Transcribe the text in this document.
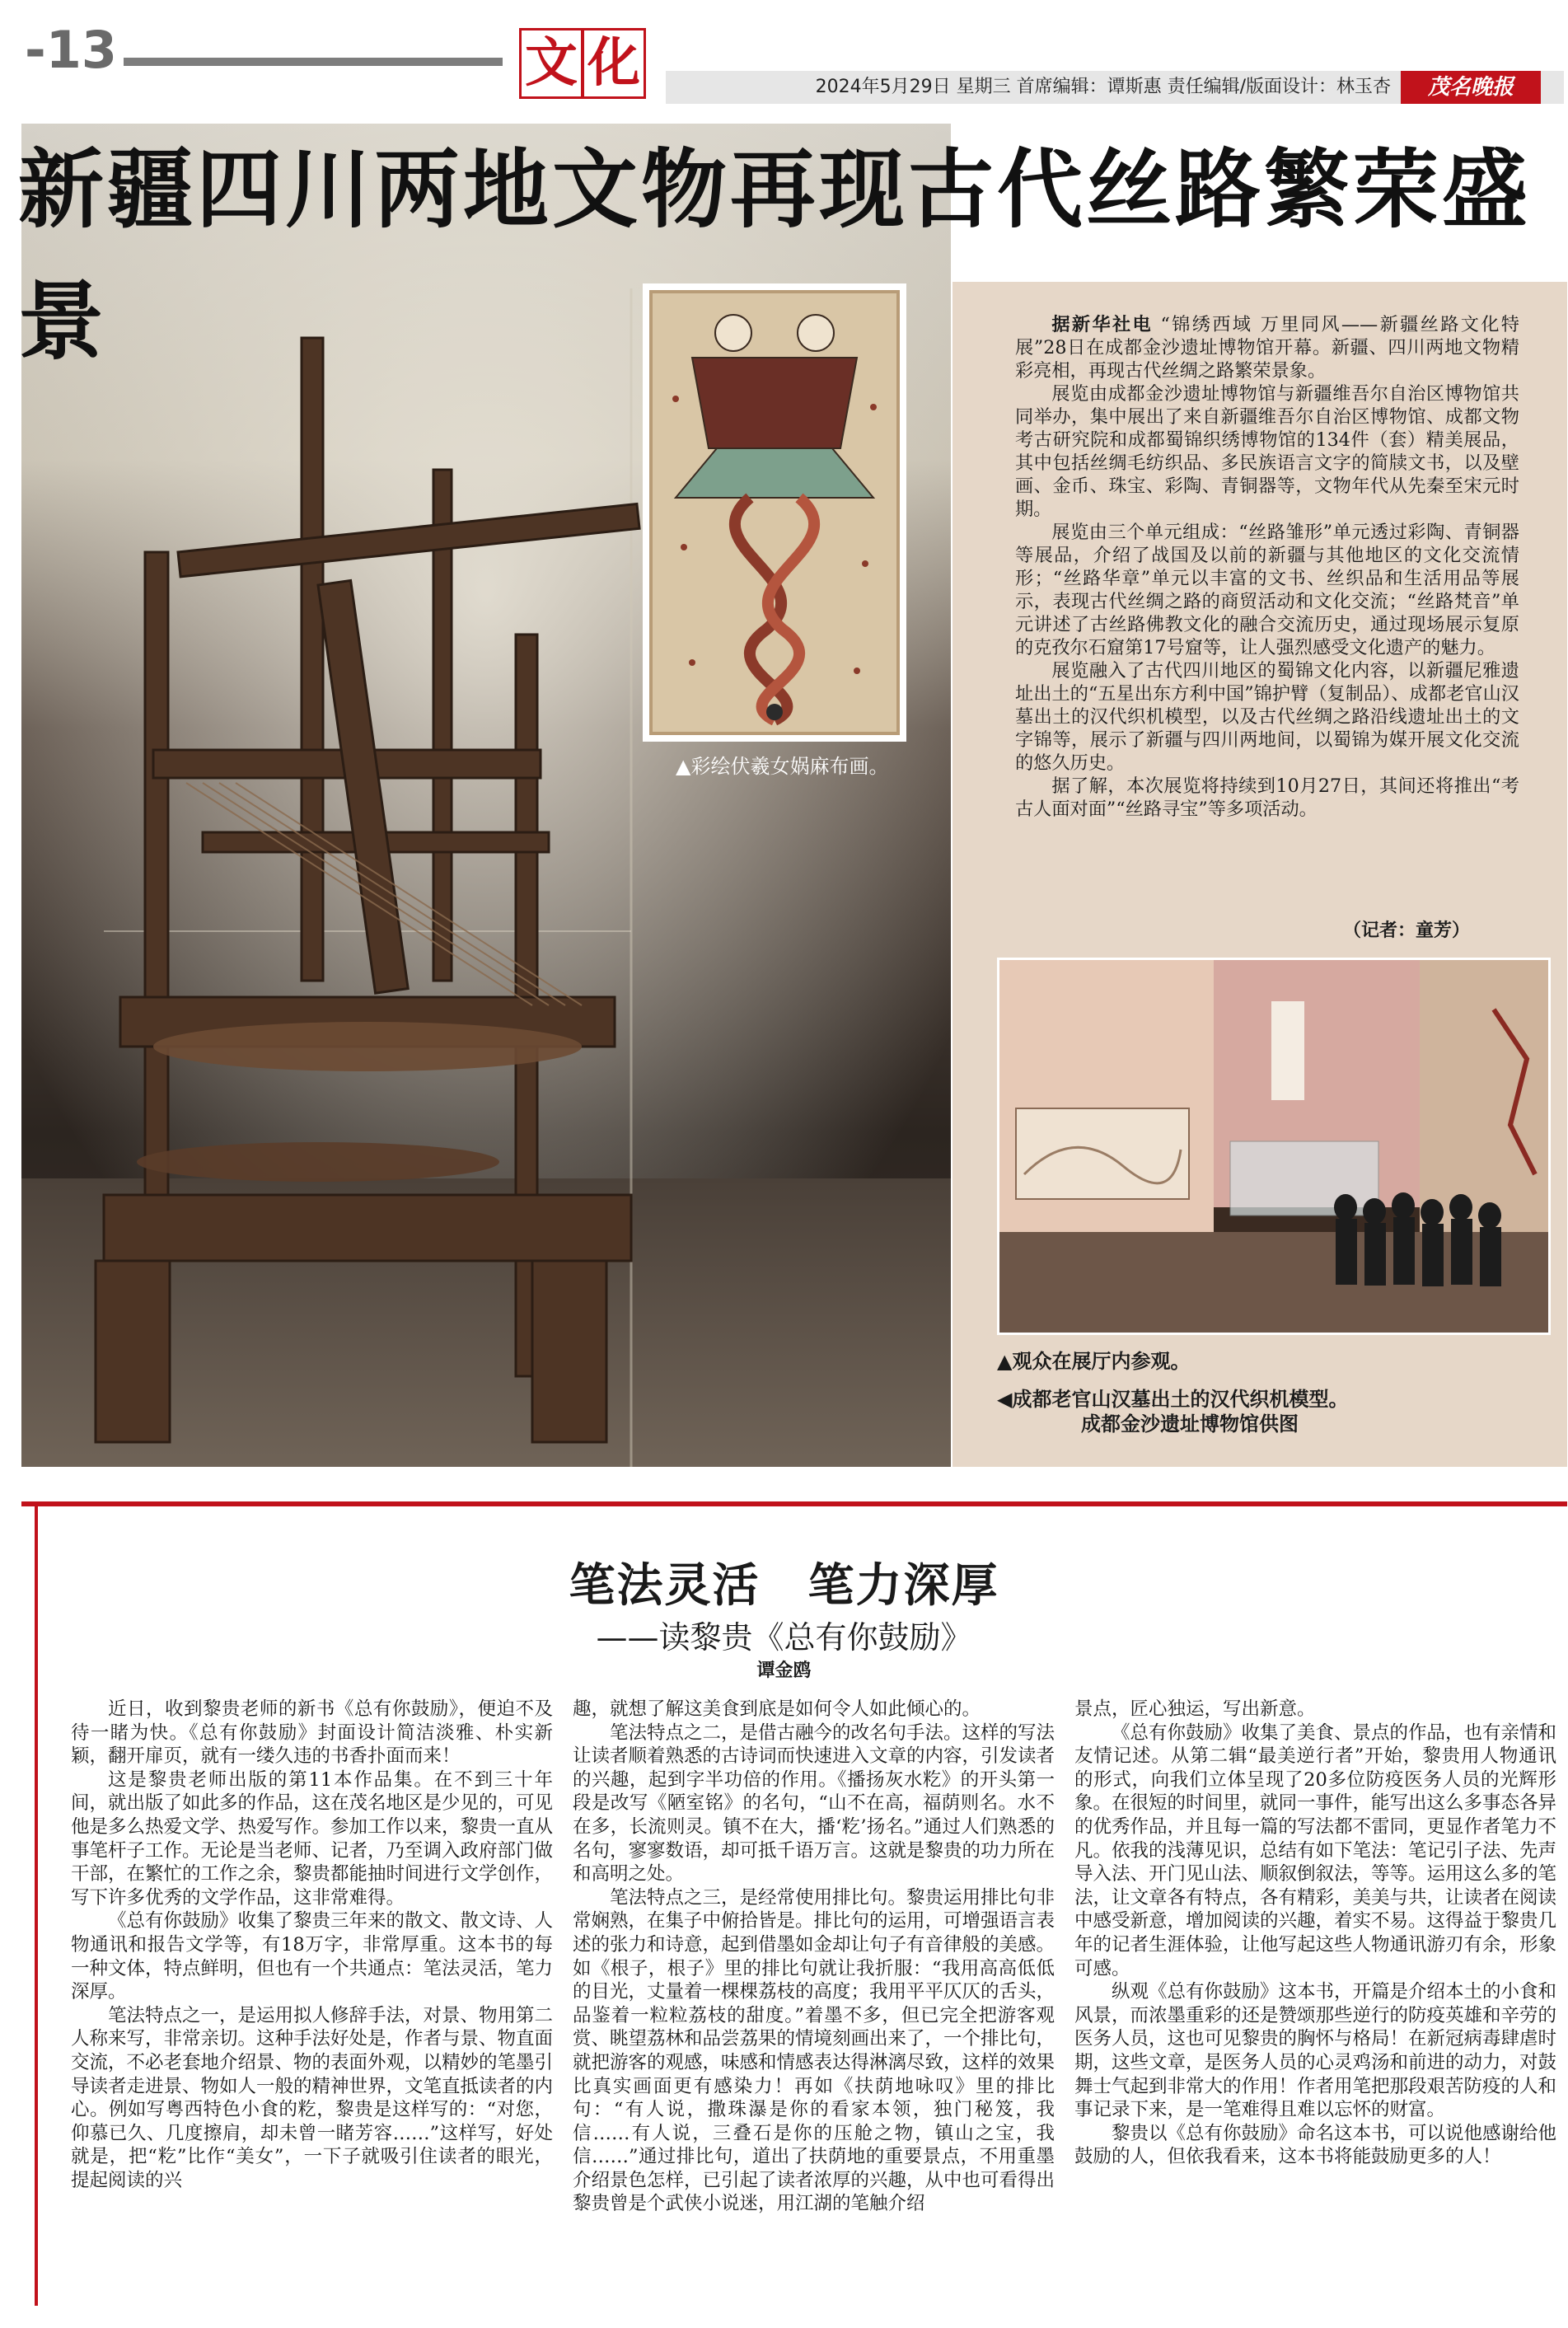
-13	文 化	2024年5月29日 星期三 首席编辑：谭斯惠 责任编辑/版面设计：林玉杏	茂名晚报
新疆四川两地文物再现古代丝路繁荣盛景
▲彩绘伏羲女娲麻布画。

据新华社电 “锦绣西域 万里同风——新疆丝路文化特展”28日在成都金沙遗址博物馆开幕。新疆、四川两地文物精彩亮相，再现古代丝绸之路繁荣景象。

展览由成都金沙遗址博物馆与新疆维吾尔自治区博物馆共同举办，集中展出了来自新疆维吾尔自治区博物馆、成都文物考古研究院和成都蜀锦织绣博物馆的134件（套）精美展品，其中包括丝绸毛纺织品、多民族语言文字的简牍文书，以及壁画、金币、珠宝、彩陶、青铜器等，文物年代从先秦至宋元时期。

展览由三个单元组成：“丝路雏形”单元透过彩陶、青铜器等展品，介绍了战国及以前的新疆与其他地区的文化交流情形；“丝路华章”单元以丰富的文书、丝织品和生活用品等展示，表现古代丝绸之路的商贸活动和文化交流；“丝路梵音”单元讲述了古丝路佛教文化的融合交流历史，通过现场展示复原的克孜尔石窟第17号窟等，让人强烈感受文化遗产的魅力。

展览融入了古代四川地区的蜀锦文化内容，以新疆尼雅遗址出土的“五星出东方利中国”锦护臂（复制品）、成都老官山汉墓出土的汉代织机模型，以及古代丝绸之路沿线遗址出土的文字锦等，展示了新疆与四川两地间，以蜀锦为媒开展文化交流的悠久历史。

据了解，本次展览将持续到10月27日，其间还将推出“考古人面对面”“丝路寻宝”等多项活动。

（记者：童芳）
▲观众在展厅内参观。
◀成都老官山汉墓出土的汉代织机模型。
成都金沙遗址博物馆供图
笔法灵活　笔力深厚
——读黎贵《总有你鼓励》
谭金鸥

近日，收到黎贵老师的新书《总有你鼓励》，便迫不及待一睹为快。《总有你鼓励》封面设计简洁淡雅、朴实新颖，翻开扉页，就有一缕久违的书香扑面而来！

这是黎贵老师出版的第11本作品集。在不到三十年间，就出版了如此多的作品，这在茂名地区是少见的，可见他是多么热爱文学、热爱写作。参加工作以来，黎贵一直从事笔杆子工作。无论是当老师、记者，乃至调入政府部门做干部，在繁忙的工作之余，黎贵都能抽时间进行文学创作，写下许多优秀的文学作品，这非常难得。

《总有你鼓励》收集了黎贵三年来的散文、散文诗、人物通讯和报告文学等，有18万字，非常厚重。这本书的每一种文体，特点鲜明，但也有一个共通点：笔法灵活，笔力深厚。

笔法特点之一，是运用拟人修辞手法，对景、物用第二人称来写，非常亲切。这种手法好处是，作者与景、物直面交流，不必老套地介绍景、物的表面外观，以精妙的笔墨引导读者走进景、物如人一般的精神世界，文笔直抵读者的内心。例如写粤西特色小食的籺，黎贵是这样写的：“对您，仰慕已久、几度擦肩，却未曾一睹芳容……”这样写，好处就是，把“籺”比作“美女”，一下子就吸引住读者的眼光，提起阅读的兴

趣，就想了解这美食到底是如何令人如此倾心的。

笔法特点之二，是借古融今的改名句手法。这样的写法让读者顺着熟悉的古诗词而快速进入文章的内容，引发读者的兴趣，起到字半功倍的作用。《播扬灰水籺》的开头第一段是改写《陋室铭》的名句，“山不在高，福荫则名。水不在多，长流则灵。镇不在大，播‘籺’扬名。”通过人们熟悉的名句，寥寥数语，却可抵千语万言。这就是黎贵的功力所在和高明之处。

笔法特点之三，是经常使用排比句。黎贵运用排比句非常娴熟，在集子中俯拾皆是。排比句的运用，可增强语言表述的张力和诗意，起到借墨如金却让句子有音律般的美感。如《根子，根子》里的排比句就让我折服：“我用高高低低的目光，丈量着一棵棵荔枝的高度；我用平平仄仄的舌头，品鉴着一粒粒荔枝的甜度。”着墨不多，但已完全把游客观赏、眺望荔林和品尝荔果的情境刻画出来了，一个排比句，就把游客的观感，味感和情感表达得淋漓尽致，这样的效果比真实画面更有感染力！再如《扶荫地咏叹》里的排比句：“有人说，撒珠瀑是你的看家本领，独门秘笈，我信……有人说，三叠石是你的压舱之物，镇山之宝，我信……”通过排比句，道出了扶荫地的重要景点，不用重墨介绍景色怎样，已引起了读者浓厚的兴趣，从中也可看得出黎贵曾是个武侠小说迷，用江湖的笔触介绍

景点，匠心独运，写出新意。

《总有你鼓励》收集了美食、景点的作品，也有亲情和友情记述。从第二辑“最美逆行者”开始，黎贵用人物通讯的形式，向我们立体呈现了20多位防疫医务人员的光辉形象。在很短的时间里，就同一事件，能写出这么多事态各异的优秀作品，并且每一篇的写法都不雷同，更显作者笔力不凡。依我的浅薄见识，总结有如下笔法：笔记引子法、先声导入法、开门见山法、顺叙倒叙法，等等。运用这么多的笔法，让文章各有特点，各有精彩，美美与共，让读者在阅读中感受新意，增加阅读的兴趣，着实不易。这得益于黎贵几年的记者生涯体验，让他写起这些人物通讯游刃有余，形象可感。

纵观《总有你鼓励》这本书，开篇是介绍本土的小食和风景，而浓墨重彩的还是赞颂那些逆行的防疫英雄和辛劳的医务人员，这也可见黎贵的胸怀与格局！在新冠病毒肆虐时期，这些文章，是医务人员的心灵鸡汤和前进的动力，对鼓舞士气起到非常大的作用！作者用笔把那段艰苦防疫的人和事记录下来，是一笔难得且难以忘怀的财富。

黎贵以《总有你鼓励》命名这本书，可以说他感谢给他鼓励的人，但依我看来，这本书将能鼓励更多的人！
